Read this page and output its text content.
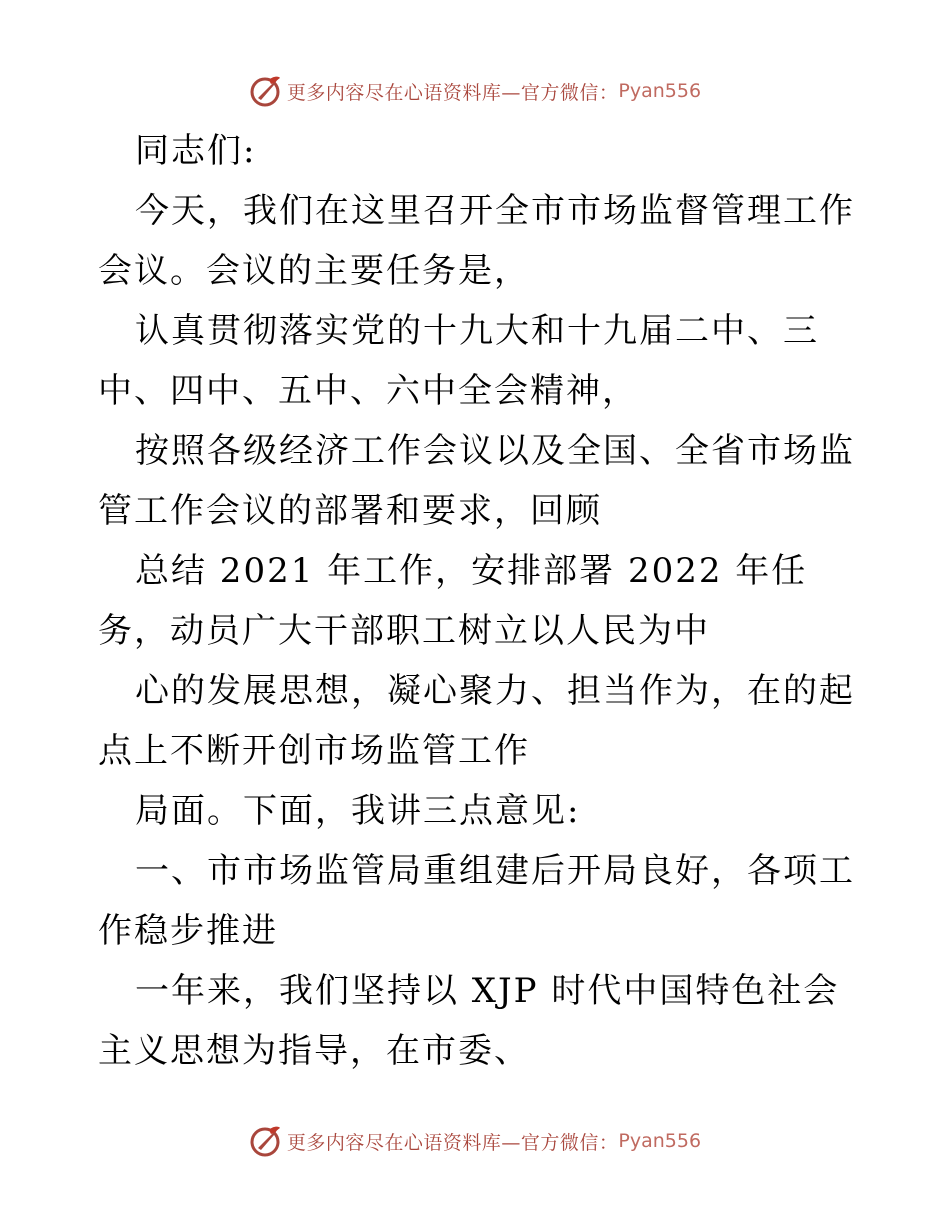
更多内容尽在心语资料库—官方微信： Pyan556

同志们:

今天，我们在这里召开全市市场监督管理工作会议。会议的主要任务是，

认真贯彻落实党的十九大和十九届二中、三中、四中、五中、六中全会精神，

按照各级经济工作会议以及全国、全省市场监管工作会议的部署和要求，回顾

总结 2021 年工作，安排部署 2022 年任务，动员广大干部职工树立以人民为中

心的发展思想，凝心聚力、担当作为，在的起点上不断开创市场监管工作

局面。下面，我讲三点意见:

一、市市场监管局重组建后开局良好，各项工作稳步推进

一年来，我们坚持以 XJP 时代中国特色社会主义思想为指导，在市委、

更多内容尽在心语资料库—官方微信： Pyan556
